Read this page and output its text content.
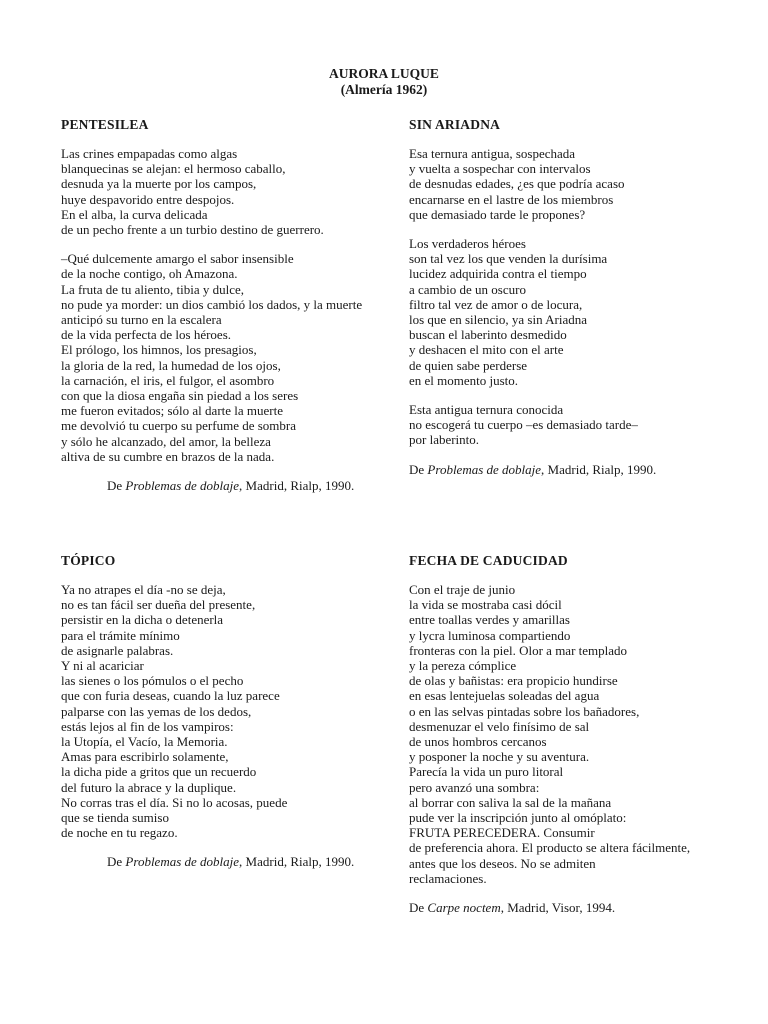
AURORA LUQUE
(Almería 1962)
PENTESILEA
Las crines empapadas como algas
blanquecinas se alejan: el hermoso caballo,
desnuda ya la muerte por los campos,
huye despavorido entre despojos.
En el alba, la curva delicada
de un pecho frente a un turbio destino de guerrero.
–Qué dulcemente amargo el sabor insensible
de la noche contigo, oh Amazona.
La fruta de tu aliento, tibia y dulce,
no pude ya morder: un dios cambió los dados, y la muerte
anticipó su turno en la escalera
de la vida perfecta de los héroes.
El prólogo, los himnos, los presagios,
la gloria de la red, la humedad de los ojos,
la carnación, el iris, el fulgor, el asombro
con que la diosa engaña sin piedad a los seres
me fueron evitados; sólo al darte la muerte
me devolvió tu cuerpo su perfume de sombra
y sólo he alcanzado, del amor, la belleza
altiva de su cumbre en brazos de la nada.
De Problemas de doblaje, Madrid, Rialp, 1990.
SIN ARIADNA
Esa ternura antigua, sospechada
y vuelta a sospechar con intervalos
de desnudas edades, ¿es que podría acaso
encarnarse en el lastre de los miembros
que demasiado tarde le propones?
Los verdaderos héroes
son tal vez los que venden la durísima
lucidez adquirida contra el tiempo
a cambio de un oscuro
filtro tal vez de amor o de locura,
los que en silencio, ya sin Ariadna
buscan el laberinto desmedido
y deshacen el mito con el arte
de quien sabe perderse
en el momento justo.
Esta antigua ternura conocida
no escogerá tu cuerpo –es demasiado tarde–
por laberinto.
De Problemas de doblaje, Madrid, Rialp, 1990.
TÓPICO
Ya no atrapes el día -no se deja,
no es tan fácil ser dueña del presente,
persistir en la dicha o detenerla
para el trámite mínimo
de asignarle palabras.
Y ni al acariciar
las sienes o los pómulos o el pecho
que con furia deseas, cuando la luz parece
palparse con las yemas de los dedos,
estás lejos al fin de los vampiros:
la Utopía, el Vacío, la Memoria.
Amas para escribirlo solamente,
la dicha pide a gritos que un recuerdo
del futuro la abrace y la duplique.
No corras tras el día. Si no lo acosas, puede
que se tienda sumiso
de noche en tu regazo.
De Problemas de doblaje, Madrid, Rialp, 1990.
FECHA DE CADUCIDAD
Con el traje de junio
la vida se mostraba casi dócil
entre toallas verdes y amarillas
y lycra luminosa compartiendo
fronteras con la piel. Olor a mar templado
y la pereza cómplice
de olas y bañistas: era propicio hundirse
en esas lentejuelas soleadas del agua
o en las selvas pintadas sobre los bañadores,
desmenuzar el velo finísimo de sal
de unos hombros cercanos
y posponer la noche y su aventura.
Parecía la vida un puro litoral
pero avanzó una sombra:
al borrar con saliva la sal de la mañana
pude ver la inscripción junto al omóplato:
FRUTA PERECEDERA. Consumir
de preferencia ahora. El producto se altera fácilmente,
antes que los deseos. No se admiten
reclamaciones.
De Carpe noctem, Madrid, Visor, 1994.
